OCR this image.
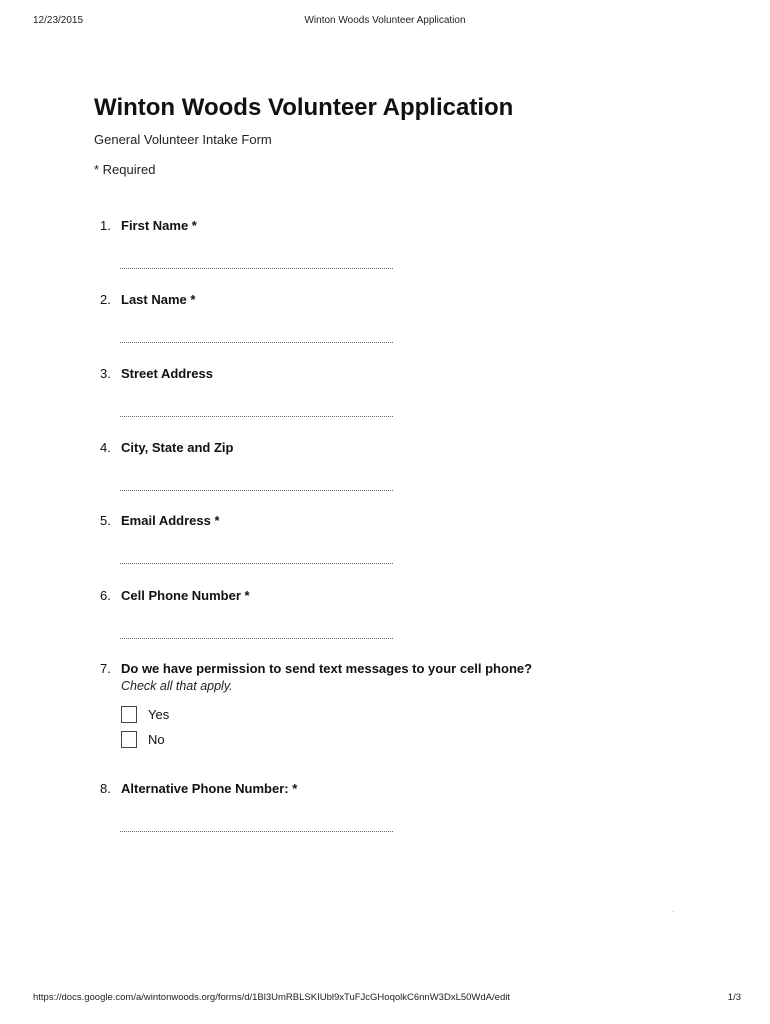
12/23/2015	Winton Woods Volunteer Application
Winton Woods Volunteer Application
General Volunteer Intake Form
* Required
1. First Name *
2. Last Name *
3. Street Address
4. City, State and Zip
5. Email Address *
6. Cell Phone Number *
7. Do we have permission to send text messages to your cell phone?
Check all that apply.
Yes
No
8. Alternative Phone Number: *
·
https://docs.google.com/a/wintonwoods.org/forms/d/1Bl3UmRBLSKIUbl9xTuFJcGHoqolkC6nnW3DxL50WdA/edit	1/3
